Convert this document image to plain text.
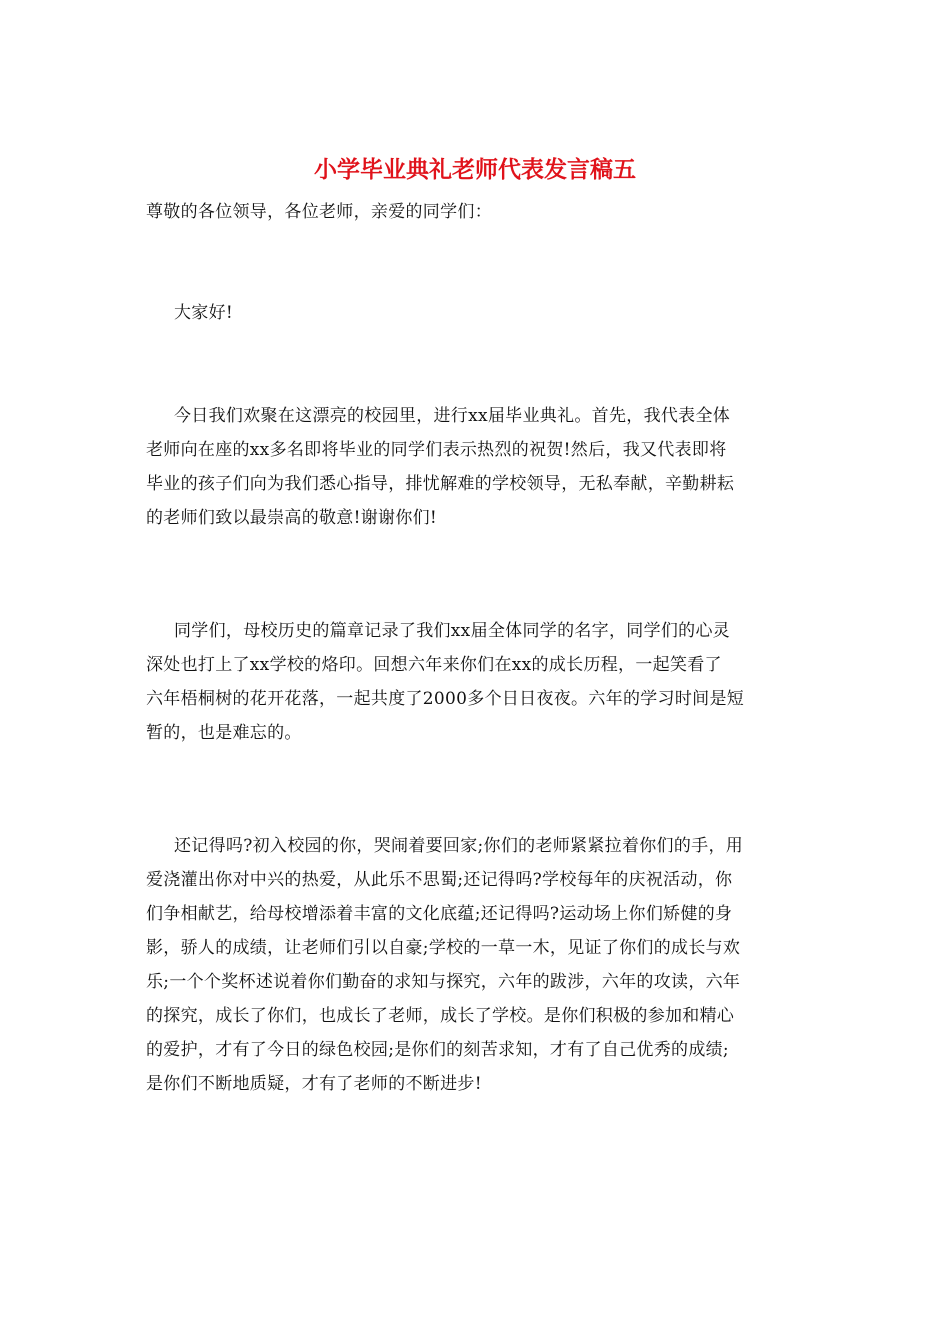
小学毕业典礼老师代表发言稿五
尊敬的各位领导，各位老师，亲爱的同学们：
大家好!
今日我们欢聚在这漂亮的校园里，进行xx届毕业典礼。首先，我代表全体
老师向在座的xx多名即将毕业的同学们表示热烈的祝贺!然后，我又代表即将
毕业的孩子们向为我们悉心指导，排忧解难的学校领导，无私奉献，辛勤耕耘
的老师们致以最崇高的敬意!谢谢你们!
同学们，母校历史的篇章记录了我们xx届全体同学的名字，同学们的心灵
深处也打上了xx学校的烙印。回想六年来你们在xx的成长历程，一起笑看了
六年梧桐树的花开花落，一起共度了2000多个日日夜夜。六年的学习时间是短
暂的，也是难忘的。
还记得吗?初入校园的你，哭闹着要回家;你们的老师紧紧拉着你们的手，用
爱浇灌出你对中兴的热爱，从此乐不思蜀;还记得吗?学校每年的庆祝活动，你
们争相献艺，给母校增添着丰富的文化底蕴;还记得吗?运动场上你们矫健的身
影，骄人的成绩，让老师们引以自豪;学校的一草一木，见证了你们的成长与欢
乐;一个个奖杯述说着你们勤奋的求知与探究，六年的跋涉，六年的攻读，六年
的探究，成长了你们，也成长了老师，成长了学校。是你们积极的参加和精心
的爱护，才有了今日的绿色校园;是你们的刻苦求知，才有了自己优秀的成绩;
是你们不断地质疑，才有了老师的不断进步!
